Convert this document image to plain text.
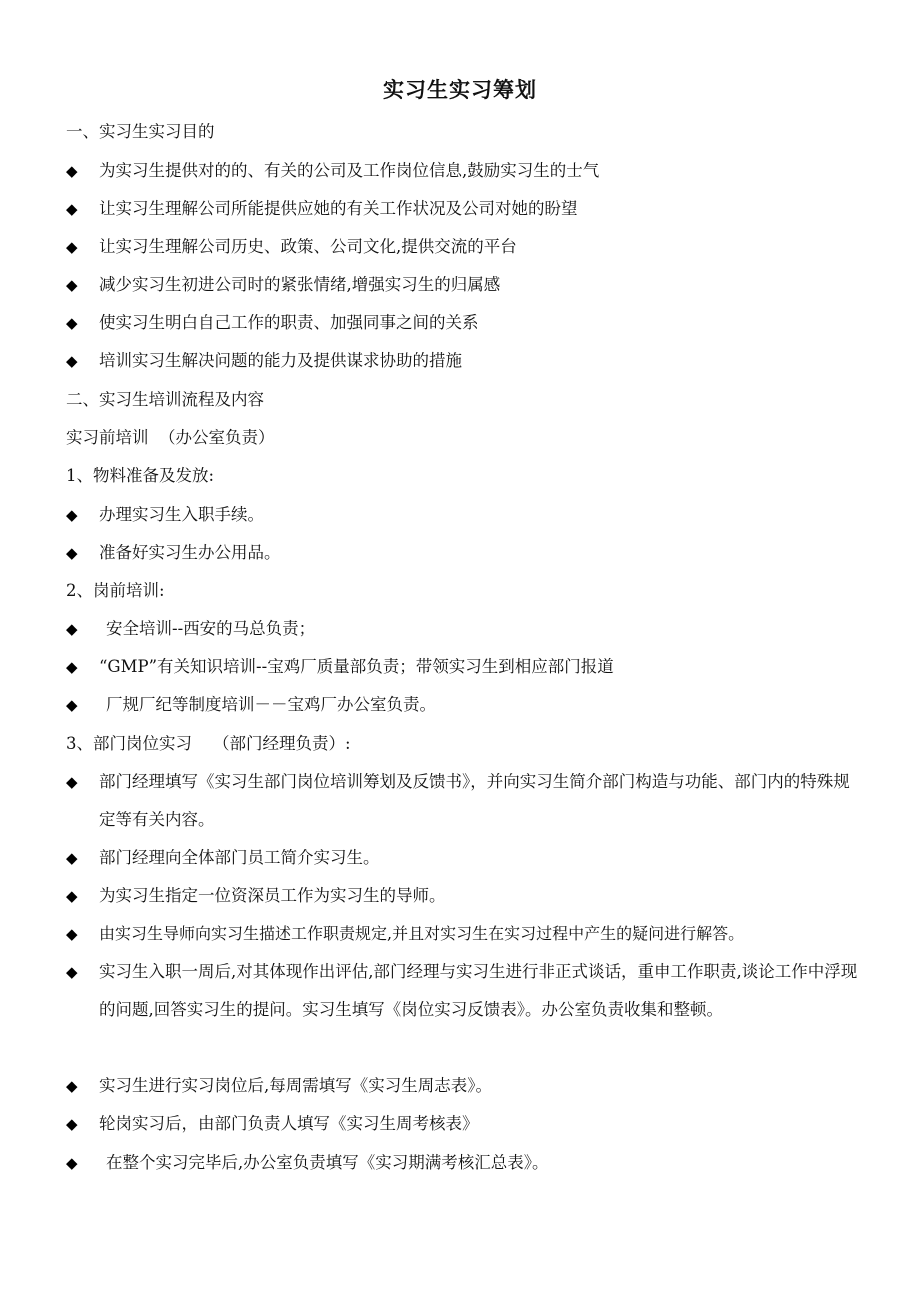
实习生实习筹划
一、实习生实习目的
◆	为实习生提供对的的、有关的公司及工作岗位信息,鼓励实习生的士气
◆	让实习生理解公司所能提供应她的有关工作状况及公司对她的盼望
◆	让实习生理解公司历史、政策、公司文化,提供交流的平台
◆	减少实习生初进公司时的紧张情绪,增强实习生的归属感
◆	使实习生明白自己工作的职责、加强同事之间的关系
◆	培训实习生解决问题的能力及提供谋求协助的措施
二、实习生培训流程及内容
实习前培训  （办公室负责）
1、物料准备及发放:
◆	办理实习生入职手续。
◆	准备好实习生办公用品。
2、岗前培训:
◆	安全培训--西安的马总负责；
◆	“GMP”有关知识培训--宝鸡厂质量部负责；带领实习生到相应部门报道
◆	厂规厂纪等制度培训－－宝鸡厂办公室负责。
3、部门岗位实习    （部门经理负责）:
◆	部门经理填写《实习生部门岗位培训筹划及反馈书》，并向实习生简介部门构造与功能、部门内的特殊规定等有关内容。
◆	部门经理向全体部门员工简介实习生。
◆	为实习生指定一位资深员工作为实习生的导师。
◆	由实习生导师向实习生描述工作职责规定,并且对实习生在实习过程中产生的疑问进行解答。
◆	实习生入职一周后,对其体现作出评估,部门经理与实习生进行非正式谈话，重申工作职责,谈论工作中浮现的问题,回答实习生的提问。实习生填写《岗位实习反馈表》。办公室负责收集和整顿。
◆	实习生进行实习岗位后,每周需填写《实习生周志表》。
◆	轮岗实习后，由部门负责人填写《实习生周考核表》
◆	在整个实习完毕后,办公室负责填写《实习期满考核汇总表》。
